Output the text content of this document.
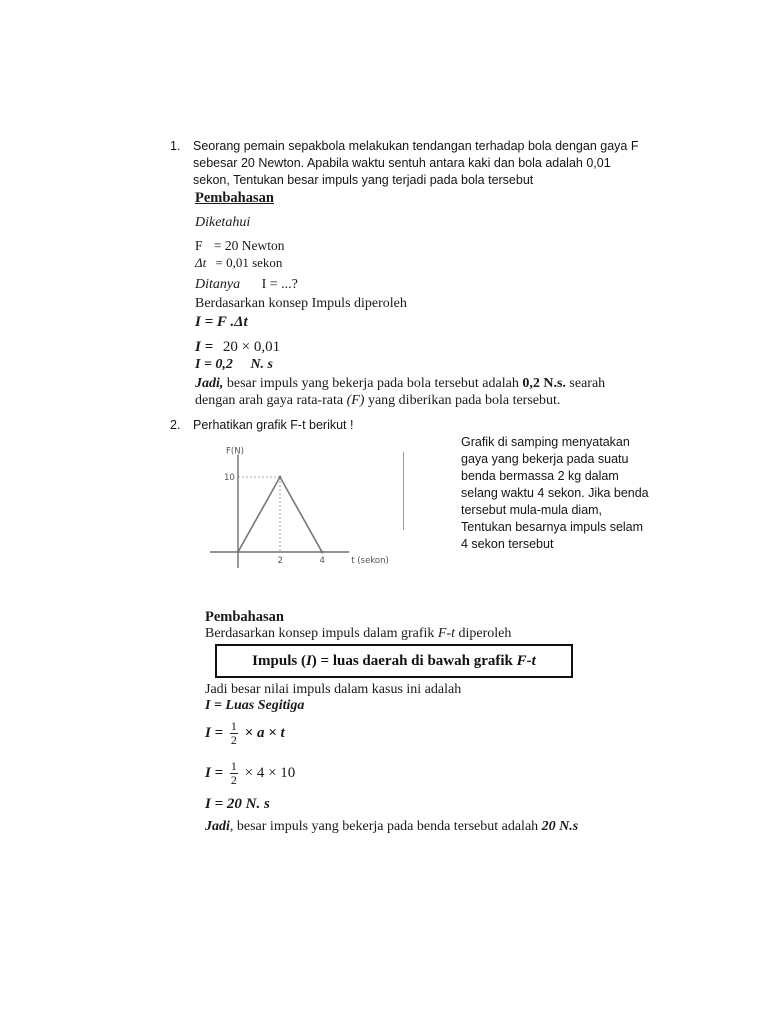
1. Seorang pemain sepakbola melakukan tendangan terhadap bola dengan gaya F
sebesar 20 Newton. Apabila waktu sentuh antara kaki dan bola adalah 0,01
sekon, Tentukan besar impuls yang terjadi pada bola tersebut
Pembahasan
Diketahui
F = 20 Newton
Δt = 0,01 sekon
Ditanya I = ...?
Berdasarkan konsep Impuls diperoleh
I = F .Δt
I = 20 × 0,01
I = 0,2 N. s
Jadi, besar impuls yang bekerja pada bola tersebut adalah 0,2 N.s. searah
dengan arah gaya rata-rata (F) yang diberikan pada bola tersebut.
2. Perhatikan grafik F-t berikut !
F(N)
t (sekon)
10
2	4
Grafik di samping menyatakan
gaya yang bekerja pada suatu
benda bermassa 2 kg dalam
selang waktu 4 sekon. Jika benda
tersebut mula-mula diam,
Tentukan besarnya impuls selam
4 sekon tersebut
Pembahasan
Berdasarkan konsep impuls dalam grafik F-t diperoleh
Impuls (I) = luas daerah di bawah grafik F-t
Jadi besar nilai impuls dalam kasus ini adalah
I = Luas Segitiga
$I = \frac{1}{2} \times a \times t$
$I = \frac{1}{2} \times 4 \times 10$
I = 20 N. s
Jadi, besar impuls yang bekerja pada benda tersebut adalah 20 N.s
